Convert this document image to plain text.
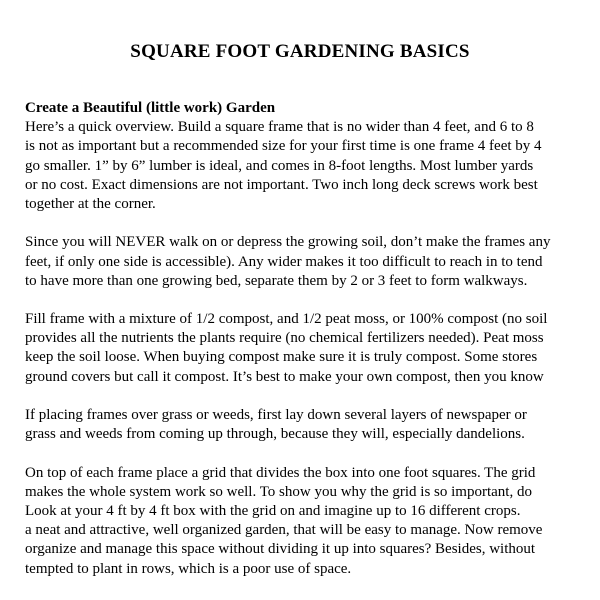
SQUARE FOOT GARDENING BASICS
Create a Beautiful (little work) Garden
Here’s a quick overview. Build a square frame that is no wider than 4 feet, and 6 to 8
is not as important but a recommended size for your first time is one frame 4 feet by 4
go smaller. 1” by 6” lumber is ideal, and comes in 8-foot lengths. Most lumber yards
or no cost. Exact dimensions are not important. Two inch long deck screws work best
together at the corner.
Since you will NEVER walk on or depress the growing soil, don’t make the frames any
feet, if only one side is accessible). Any wider makes it too difficult to reach in to tend
to have more than one growing bed, separate them by 2 or 3 feet to form walkways.
Fill frame with a mixture of 1/2 compost, and 1/2 peat moss, or 100% compost (no soil
provides all the nutrients the plants require (no chemical fertilizers needed). Peat moss
keep the soil loose. When buying compost make sure it is truly compost. Some stores
ground covers but call it compost. It’s best to make your own compost, then you know
If placing frames over grass or weeds, first lay down several layers of newspaper or
grass and weeds from coming up through, because they will, especially dandelions.
On top of each frame place a grid that divides the box into one foot squares. The grid
makes the whole system work so well. To show you why the grid is so important, do
Look at your 4 ft by 4 ft box with the grid on and imagine up to 16 different crops.
a neat and attractive, well organized garden, that will be easy to manage. Now remove
organize and manage this space without dividing it up into squares? Besides, without
tempted to plant in rows, which is a poor use of space.
